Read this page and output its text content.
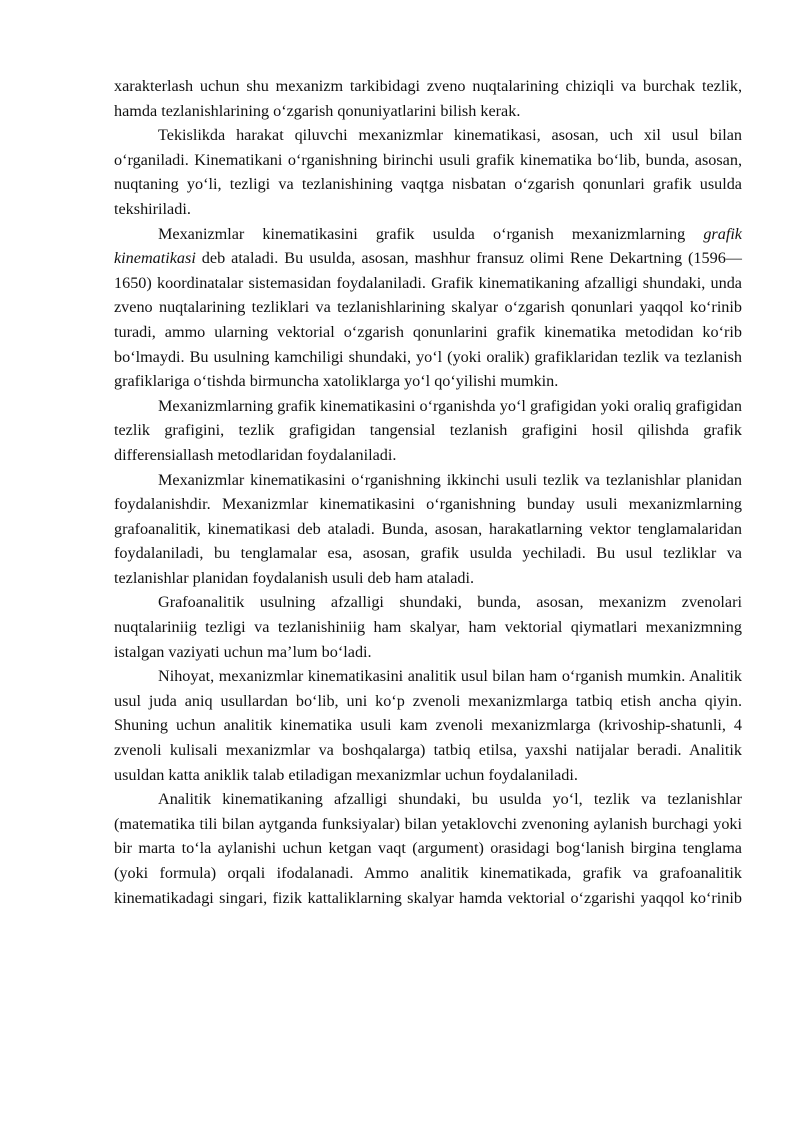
xarakterlash uchun shu mexanizm tarkibidagi zveno nuqtalarining chiziqli va burchak tezlik, hamda tezlanishlarining o‘zgarish qonuniyatlarini bilish kerak.

Tekislikda harakat qiluvchi mexanizmlar kinematikasi, asosan, uch xil usul bilan o‘rganiladi. Kinematikani o‘rganishning birinchi usuli grafik kinematika bo‘lib, bunda, asosan, nuqtaning yo‘li, tezligi va tezlanishining vaqtga nisbatan o‘zgarish qonunlari grafik usulda tekshiriladi.

Mexanizmlar kinematikasini grafik usulda o‘rganish mexanizmlarning grafik kinematikasi deb ataladi. Bu usulda, asosan, mashhur fransuz olimi Rene Dekartning (1596—1650) koordinatalar sistemasidan foydalaniladi. Grafik kinematikaning afzalligi shundaki, unda zveno nuqtalarining tezliklari va tezlanishlarining skalyar o‘zgarish qonunlari yaqqol ko‘rinib turadi, ammo ularning vektorial o‘zgarish qonunlarini grafik kinematika metodidan ko‘rib bo‘lmaydi. Bu usulning kamchiligi shundaki, yo‘l (yoki oralik) grafiklaridan tezlik va tezlanish grafiklariga o‘tishda birmuncha xatoliklarga yo‘l qo‘yilishi mumkin.

Mexanizmlarning grafik kinematikasini o‘rganishda yo‘l grafigidan yoki oraliq grafigidan tezlik grafigini, tezlik grafigidan tangensial tezlanish grafigini hosil qilishda grafik differensiallash metodlaridan foydalaniladi.

Mexanizmlar kinematikasini o‘rganishning ikkinchi usuli tezlik va tezlanishlar planidan foydalanishdir. Mexanizmlar kinematikasini o‘rganishning bunday usuli mexanizmlarning grafoanalitik, kinematikasi deb ataladi. Bunda, asosan, harakatlarning vektor tenglamalaridan foydalaniladi, bu tenglamalar esa, asosan, grafik usulda yechiladi. Bu usul tezliklar va tezlanishlar planidan foydalanish usuli deb ham ataladi.

Grafoanalitik usulning afzalligi shundaki, bunda, asosan, mexanizm zvenolari nuqtalariniig tezligi va tezlanishiniig ham skalyar, ham vektorial qiymatlari mexanizmning istalgan vaziyati uchun ma’lum bo‘ladi.

Nihoyat, mexanizmlar kinematikasini analitik usul bilan ham o‘rganish mumkin. Analitik usul juda aniq usullardan bo‘lib, uni ko‘p zvenoli mexanizmlarga tatbiq etish ancha qiyin. Shuning uchun analitik kinematika usuli kam zvenoli mexanizmlarga (krivoship-shatunli, 4 zvenoli kulisali mexanizmlar va boshqalarga) tatbiq etilsa, yaxshi natijalar beradi. Analitik usuldan katta aniklik talab etiladigan mexanizmlar uchun foydalaniladi.

Analitik kinematikaning afzalligi shundaki, bu usulda yo‘l, tezlik va tezlanishlar (matematika tili bilan aytganda funksiyalar) bilan yetaklovchi zvenoning aylanish burchagi yoki bir marta to‘la aylanishi uchun ketgan vaqt (argument) orasidagi bog‘lanish birgina tenglama (yoki formula) orqali ifodalanadi. Ammo analitik kinematikada, grafik va grafoanalitik kinematikadagi singari, fizik kattaliklarning skalyar hamda vektorial o‘zgarishi yaqqol ko‘rinib
